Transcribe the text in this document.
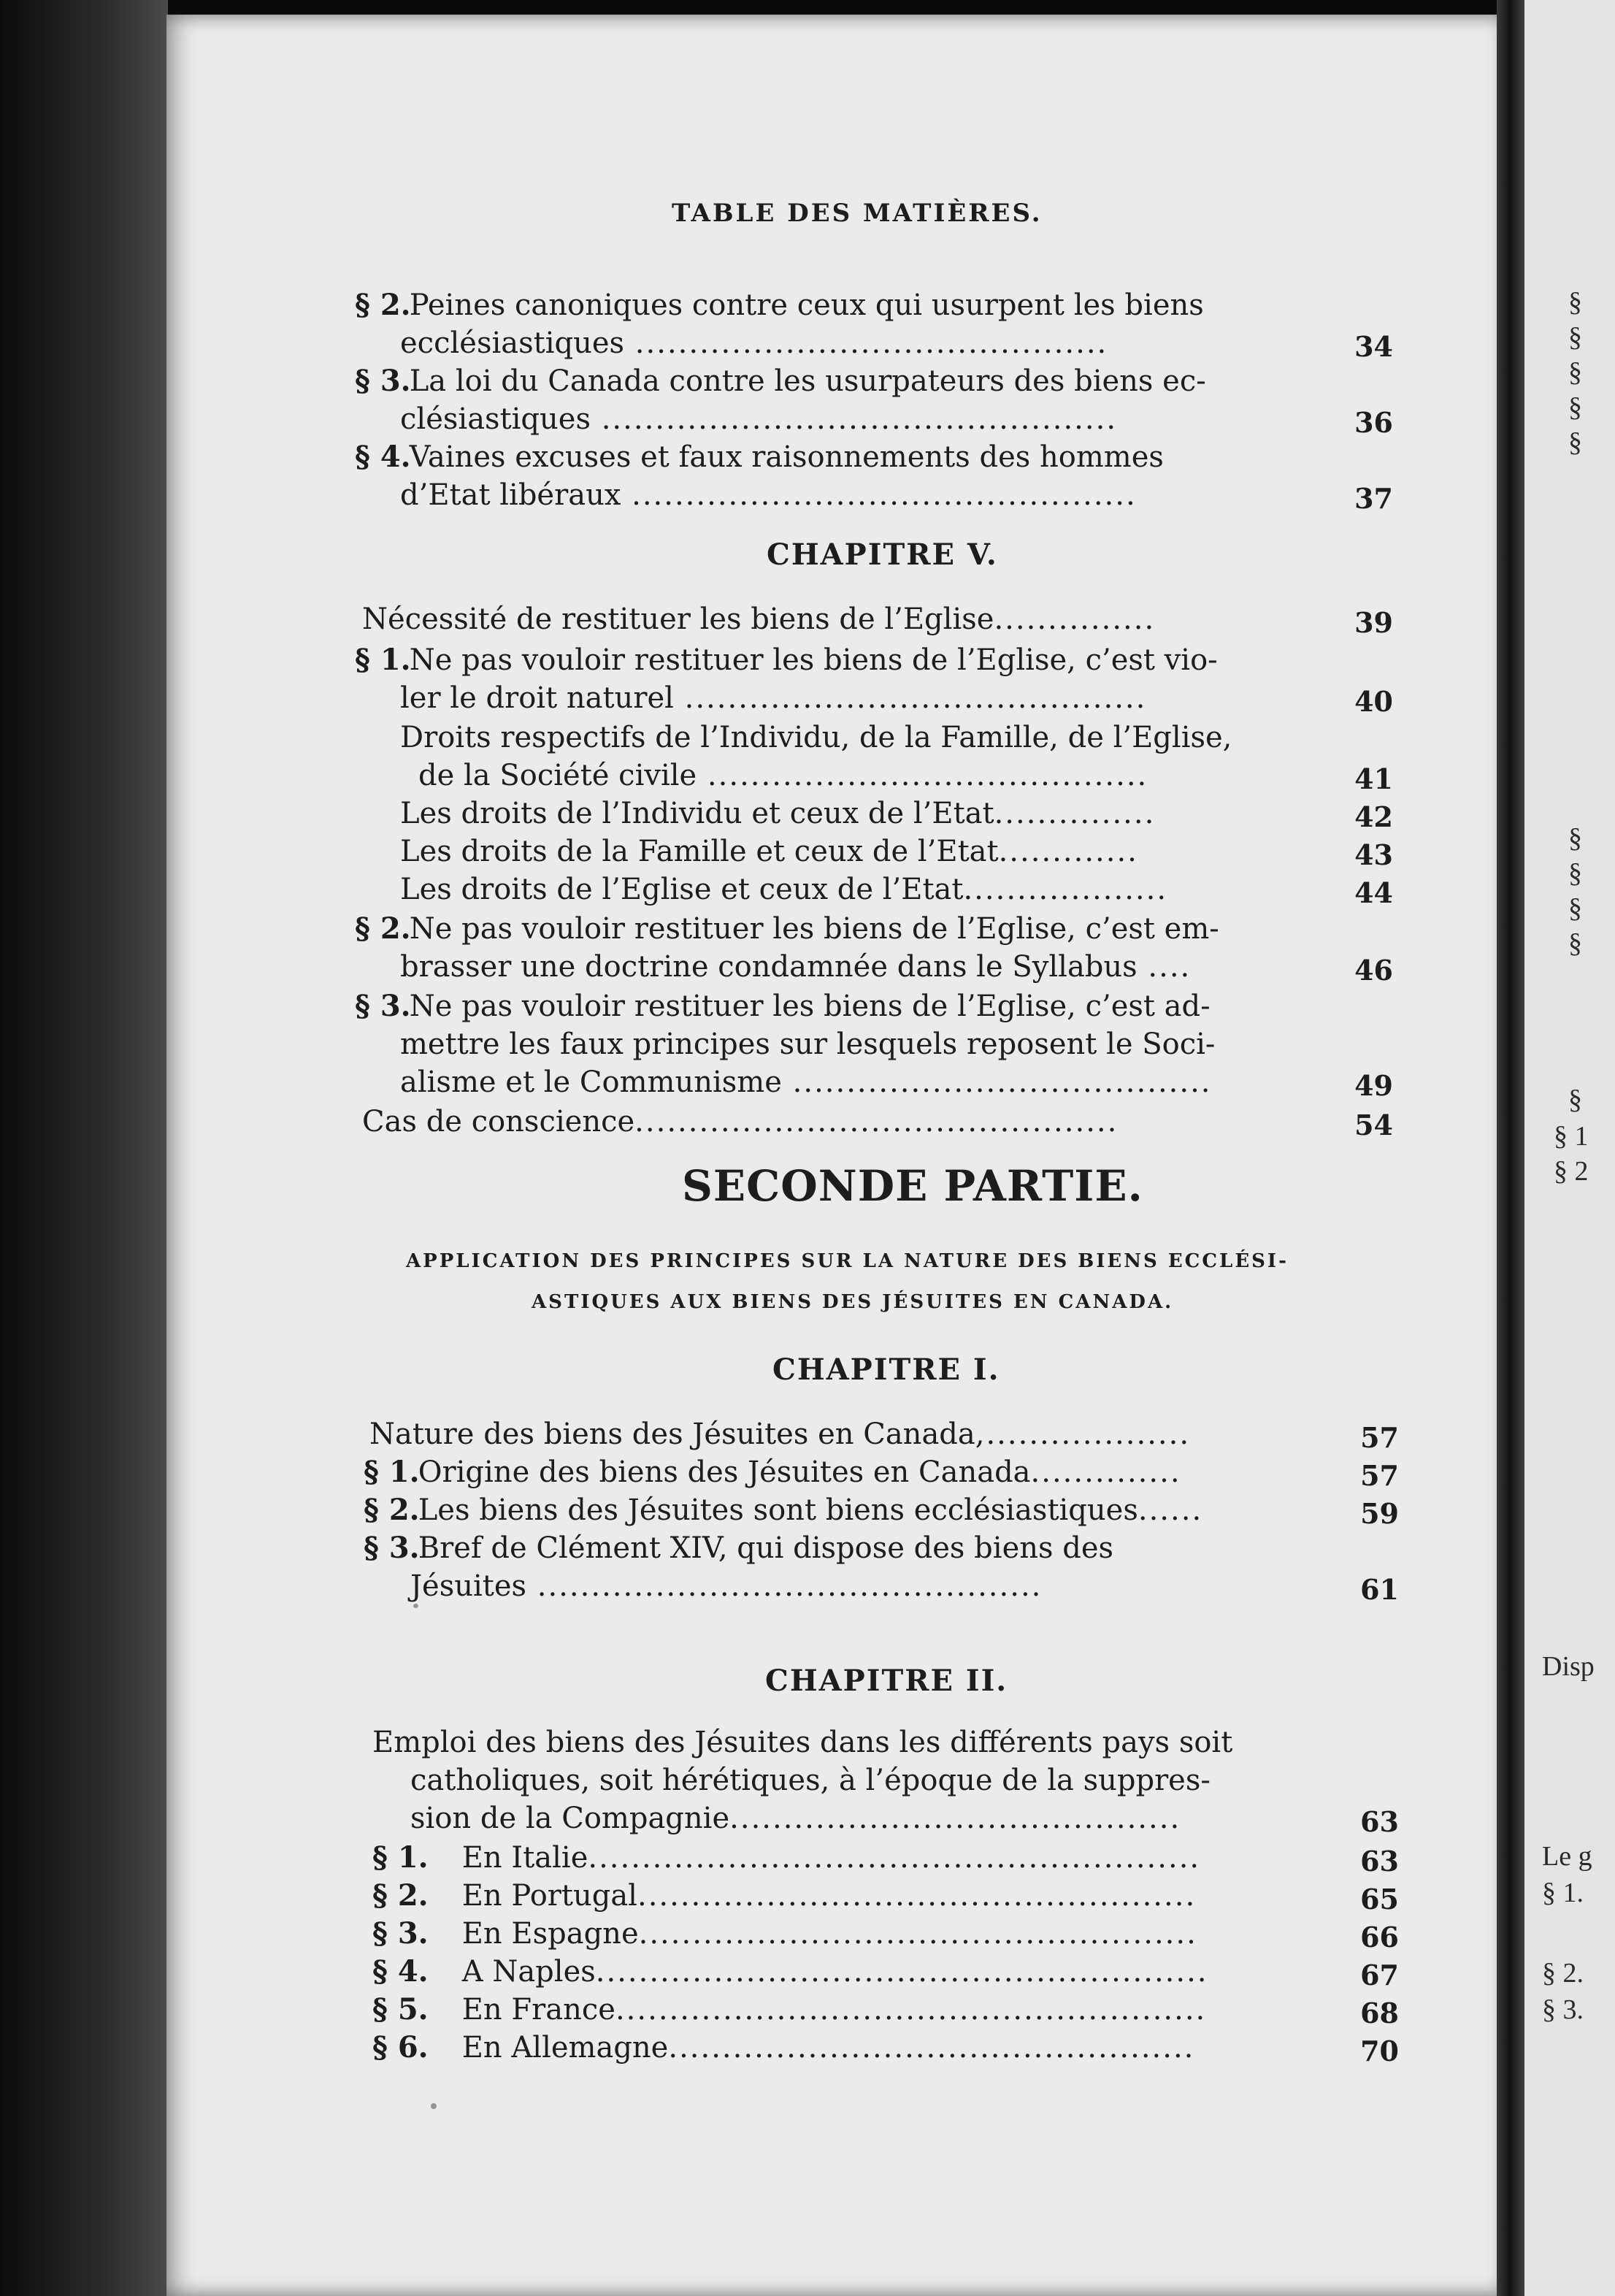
TABLE DES MATIÈRES.
§ 2. Peines canoniques contre ceux qui usurpent les biens
ecclésiastiques ............................................	34
§ 3. La loi du Canada contre les usurpateurs des biens ec-
clésiastiques ................................................	36
§ 4. Vaines excuses et faux raisonnements des hommes
d’Etat libéraux ...............................................	37
CHAPITRE V.
Nécessité de restituer les biens de l’Eglise...............	39
§ 1. Ne pas vouloir restituer les biens de l’Eglise, c’est vio-
ler le droit naturel ...........................................	40
Droits respectifs de l’Individu, de la Famille, de l’Eglise,
de la Société civile .........................................	41
Les droits de l’Individu et ceux de l’Etat...............	42
Les droits de la Famille et ceux de l’Etat.............	43
Les droits de l’Eglise et ceux de l’Etat...................	44
§ 2. Ne pas vouloir restituer les biens de l’Eglise, c’est em-
brasser une doctrine condamnée dans le Syllabus ....	46
§ 3. Ne pas vouloir restituer les biens de l’Eglise, c’est ad-
mettre les faux principes sur lesquels reposent le Soci-
alisme et le Communisme .......................................	49
Cas de conscience.............................................	54
SECONDE PARTIE.
APPLICATION DES PRINCIPES SUR LA NATURE DES BIENS ECCLÉSI-
ASTIQUES AUX BIENS DES JÉSUITES EN CANADA.
CHAPITRE I.
Nature des biens des Jésuites en Canada,...................	57
§ 1. Origine des biens des Jésuites en Canada..............	57
§ 2. Les biens des Jésuites sont biens ecclésiastiques......	59
§ 3. Bref de Clément XIV, qui dispose des biens des
Jésuites ...............................................	61
CHAPITRE II.
Emploi des biens des Jésuites dans les différents pays soit
catholiques, soit hérétiques, à l’époque de la suppres-
sion de la Compagnie..........................................	63
§ 1. En Italie.........................................................	63
§ 2. En Portugal....................................................	65
§ 3. En Espagne....................................................	66
§ 4. A Naples.........................................................	67
§ 5. En France.......................................................	68
§ 6. En Allemagne.................................................	70
§
§
§
§
§
§
§
§
§
§
§ 1
§ 2
Disp
Le g
§ 1.
§ 2.
§ 3.
